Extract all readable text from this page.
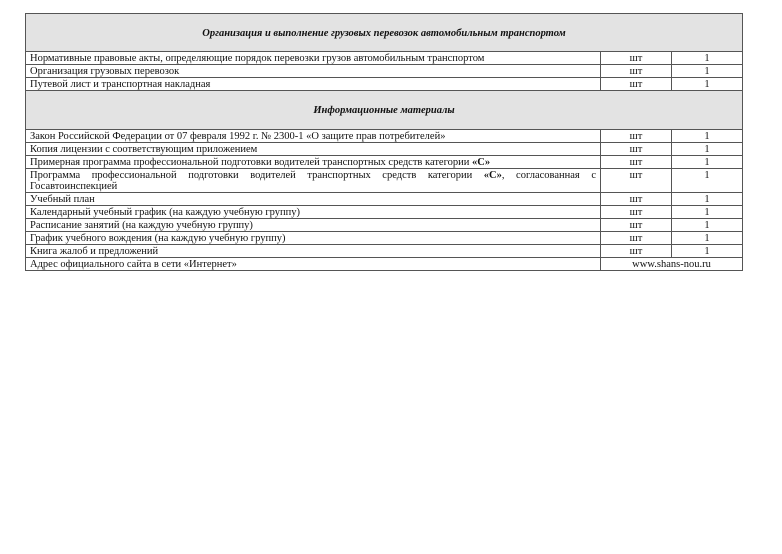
Организация и выполнение грузовых перевозок автомобильным транспортом		
Нормативные правовые акты, определяющие порядок перевозки грузов автомобильным транспортом	шт	1
Организация грузовых перевозок	шт	1
Путевой лист и транспортная накладная	шт	1
Информационные материалы		
Закон Российской Федерации от 07 февраля 1992 г. № 2300-1 «О защите прав потребителей»	шт	1
Копия лицензии с соответствующим приложением	шт	1
Примерная программа профессиональной подготовки водителей транспортных средств категории «С»	шт	1
Программа профессиональной подготовки водителей транспортных средств категории «С», согласованная с Госавтоинспекцией	шт	1
Учебный план	шт	1
Календарный учебный график (на каждую учебную группу)	шт	1
Расписание занятий (на каждую учебную группу)	шт	1
График учебного вождения (на каждую учебную группу)	шт	1
Книга жалоб и предложений	шт	1
Адрес официального сайта в сети «Интернет»	www.shans-nou.ru	
